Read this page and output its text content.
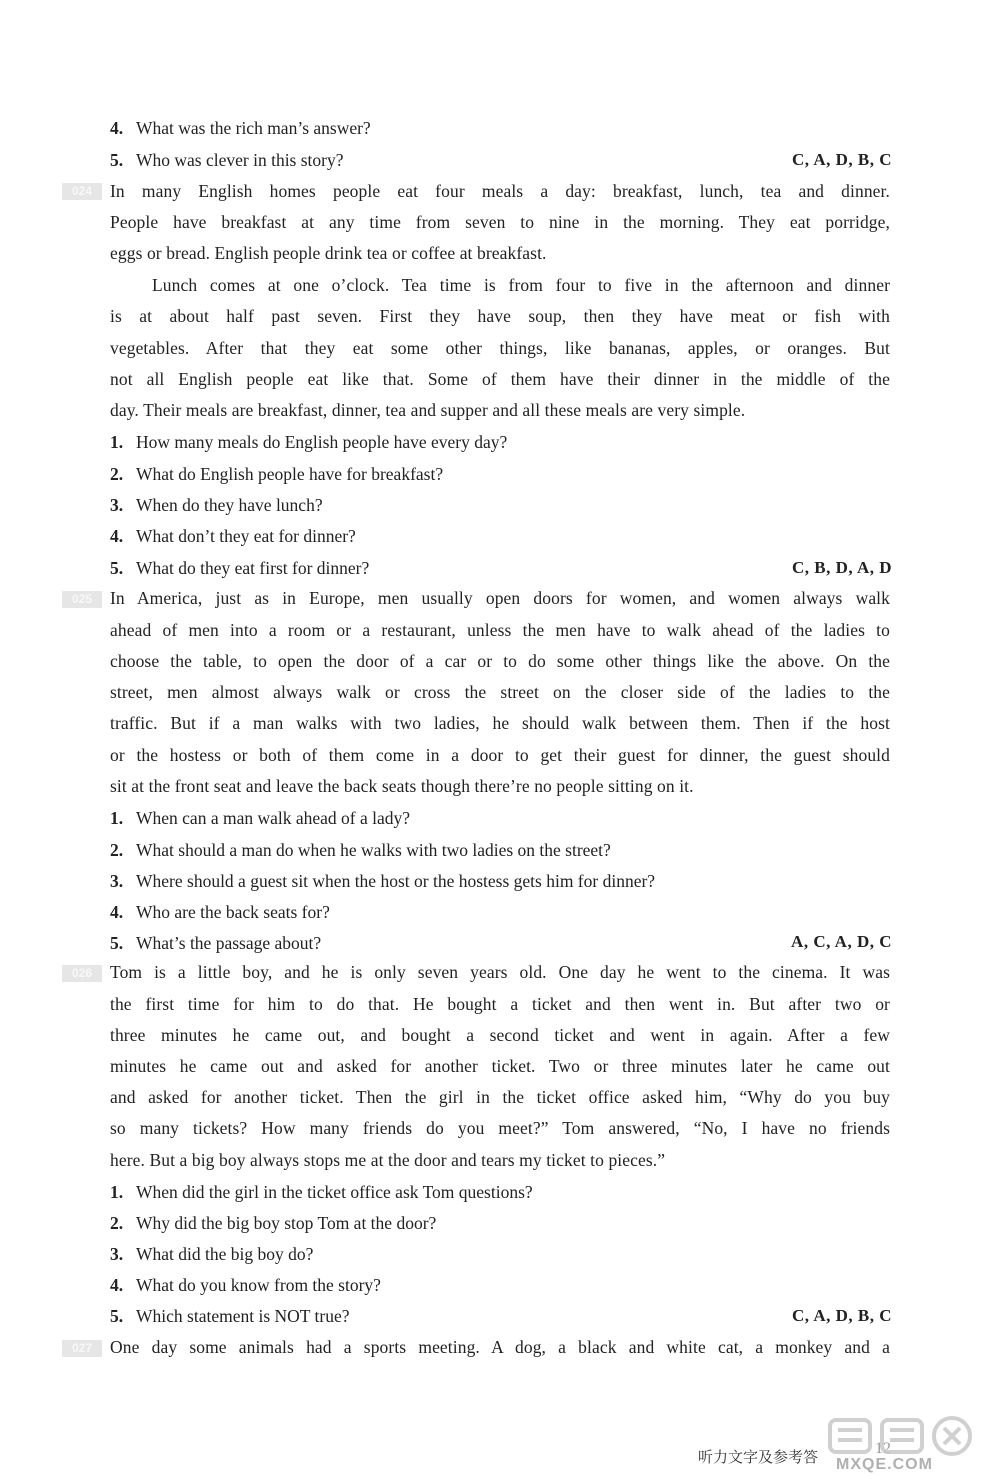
4. What was the rich man’s answer?
5. Who was clever in this story?	C, A, D, B, C
024	In many English homes people eat four meals a day: breakfast, lunch, tea and dinner.
People have breakfast at any time from seven to nine in the morning. They eat porridge,
eggs or bread. English people drink tea or coffee at breakfast.
Lunch comes at one o’clock. Tea time is from four to five in the afternoon and dinner
is at about half past seven. First they have soup, then they have meat or fish with
vegetables. After that they eat some other things, like bananas, apples, or oranges. But
not all English people eat like that. Some of them have their dinner in the middle of the
day. Their meals are breakfast, dinner, tea and supper and all these meals are very simple.
1. How many meals do English people have every day?
2. What do English people have for breakfast?
3. When do they have lunch?
4. What don’t they eat for dinner?
5. What do they eat first for dinner?	C, B, D, A, D
025	In America, just as in Europe, men usually open doors for women, and women always walk
ahead of men into a room or a restaurant, unless the men have to walk ahead of the ladies to
choose the table, to open the door of a car or to do some other things like the above. On the
street, men almost always walk or cross the street on the closer side of the ladies to the
traffic. But if a man walks with two ladies, he should walk between them. Then if the host
or the hostess or both of them come in a door to get their guest for dinner, the guest should
sit at the front seat and leave the back seats though there’re no people sitting on it.
1. When can a man walk ahead of a lady?
2. What should a man do when he walks with two ladies on the street?
3. Where should a guest sit when the host or the hostess gets him for dinner?
4. Who are the back seats for?
5. What’s the passage about?	A, C, A, D, C
026	Tom is a little boy, and he is only seven years old. One day he went to the cinema. It was
the first time for him to do that. He bought a ticket and then went in. But after two or
three minutes he came out, and bought a second ticket and went in again. After a few
minutes he came out and asked for another ticket. Two or three minutes later he came out
and asked for another ticket. Then the girl in the ticket office asked him, “Why do you buy
so many tickets? How many friends do you meet?” Tom answered, “No, I have no friends
here. But a big boy always stops me at the door and tears my ticket to pieces.”
1. When did the girl in the ticket office ask Tom questions?
2. Why did the big boy stop Tom at the door?
3. What did the big boy do?
4. What do you know from the story?
5. Which statement is NOT true?	C, A, D, B, C
027	One day some animals had a sports meeting. A dog, a black and white cat, a monkey and a
听力文字及参考答	12
MXQE.COM
